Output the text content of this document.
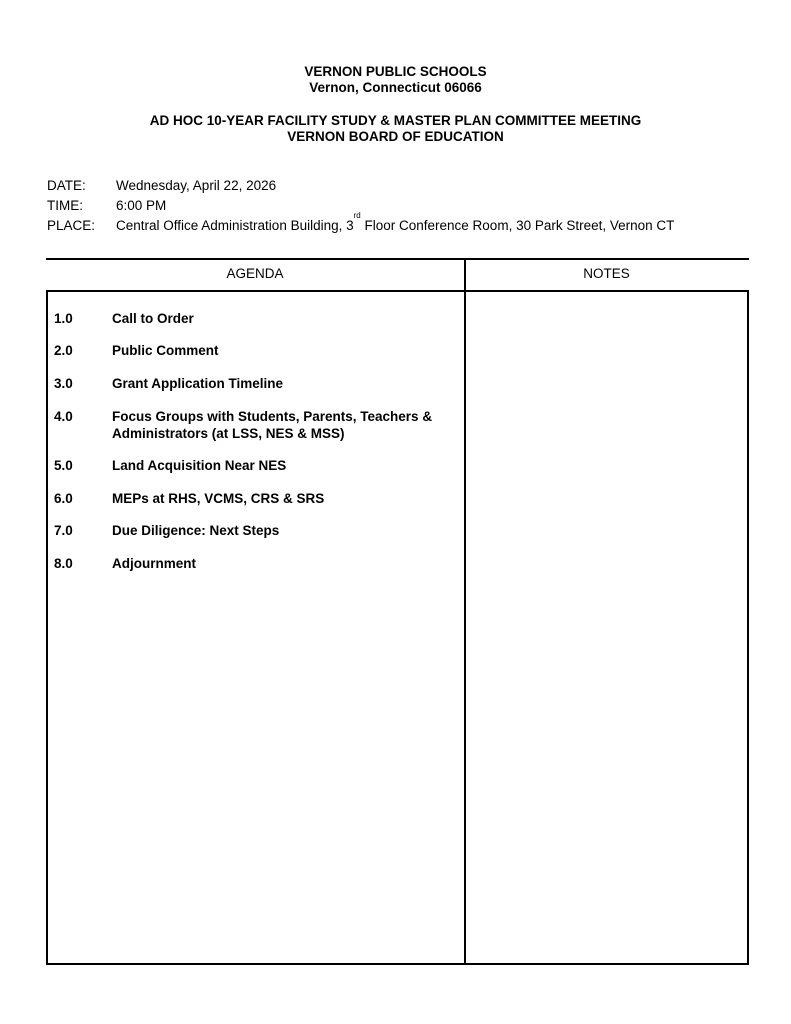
VERNON PUBLIC SCHOOLS
Vernon, Connecticut 06066
AD HOC 10-YEAR FACILITY STUDY & MASTER PLAN COMMITTEE MEETING
VERNON BOARD OF EDUCATION
DATE: Wednesday, April 22, 2026
TIME: 6:00 PM
PLACE: Central Office Administration Building, 3rd Floor Conference Room, 30 Park Street, Vernon CT
AGENDA	NOTES
1.0	Call to Order
2.0	Public Comment
3.0	Grant Application Timeline
4.0	Focus Groups with Students, Parents, Teachers & Administrators (at LSS, NES & MSS)
5.0	Land Acquisition Near NES
6.0	MEPs at RHS, VCMS, CRS & SRS
7.0	Due Diligence: Next Steps
8.0	Adjournment
